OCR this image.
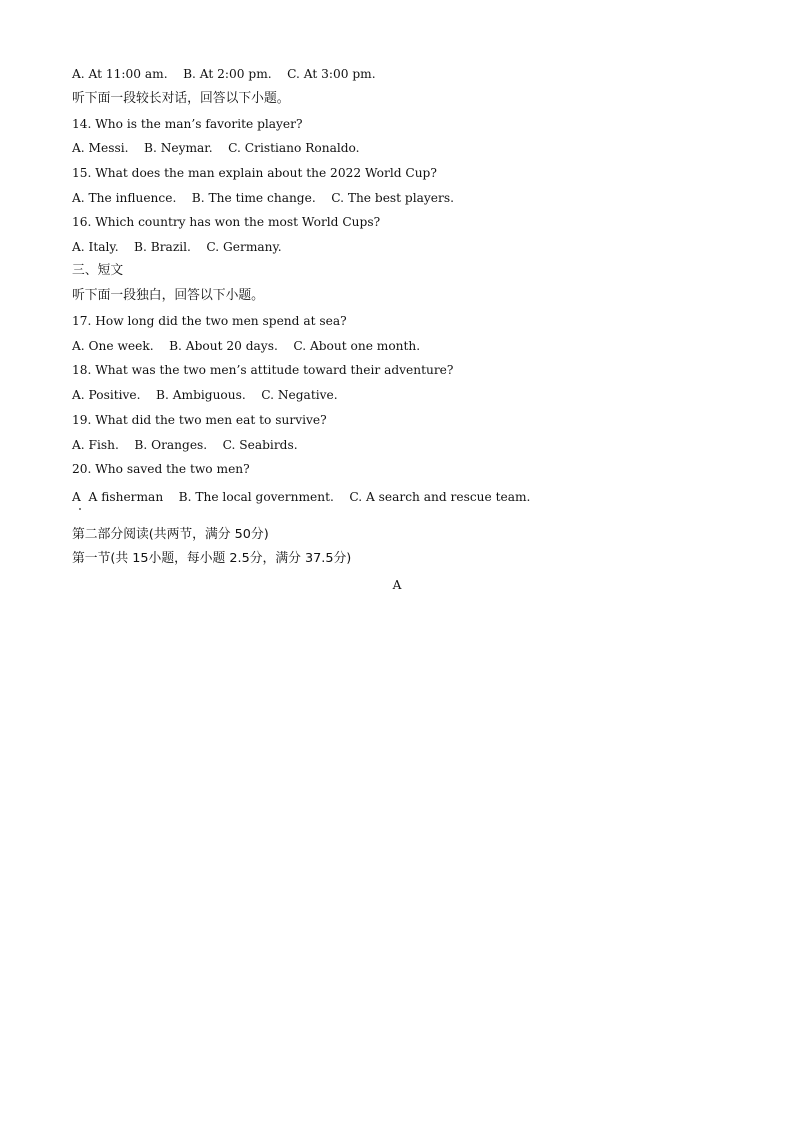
A. At 11:00 am.    B. At 2:00 pm.    C. At 3:00 pm.
听下面一段较长对话，回答以下小题。
14. Who is the man’s favorite player?
A. Messi.    B. Neymar.    C. Cristiano Ronaldo.
15. What does the man explain about the 2022 World Cup?
A. The influence.    B. The time change.    C. The best players.
16. Which country has won the most World Cups?
A. Italy.    B. Brazil.    C. Germany.
三、短文
听下面一段独白，回答以下小题。
17. How long did the two men spend at sea?
A. One week.    B. About 20 days.    C. About one month.
18. What was the two men’s attitude toward their adventure?
A. Positive.    B. Ambiguous.    C. Negative.
19. What did the two men eat to survive?
A. Fish.    B. Oranges.    C. Seabirds.
20. Who saved the two men?
A  A fisherman    B. The local government.    C. A search and rescue team.
第二部分阅读(共两节，满分 50分)
第一节(共 15小题，每小题 2.5分，满分 37.5分)
A
